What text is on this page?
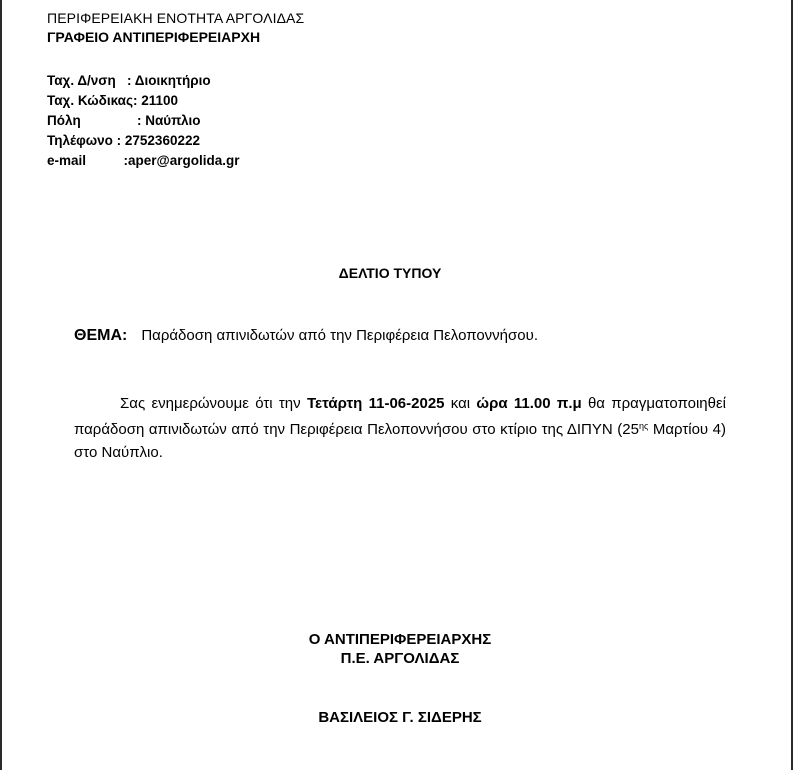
ΠΕΡΙΦΕΡΕΙΑΚΗ ΕΝΟΤΗΤΑ ΑΡΓΟΛΙΔΑΣ
ΓΡΑΦΕΙΟ ΑΝΤΙΠΕΡΙΦΕΡΕΙΑΡΧΗ
Ταχ. Δ/νση : Διοικητήριο
Ταχ. Κώδικας : 21100
Πόλη : Ναύπλιο
Τηλέφωνο : 2752360222
e-mail :aper@argolida.gr
ΔΕΛΤΙΟ ΤΥΠΟΥ
ΘΕΜΑ: Παράδοση απινιδωτών από την Περιφέρεια Πελοποννήσου.
Σας ενημερώνουμε ότι την Τετάρτη 11-06-2025 και ώρα 11.00 π.μ θα πραγματοποιηθεί παράδοση απινιδωτών από την Περιφέρεια Πελοποννήσου στο κτίριο της ΔΙΠΥΝ ($25^{\eta\varsigma}$ Μαρτίου 4) στο Ναύπλιο.
Ο ΑΝΤΙΠΕΡΙΦΕΡΕΙΑΡΧΗΣ
Π.Ε. ΑΡΓΟΛΙΔΑΣ
ΒΑΣΙΛΕΙΟΣ Γ. ΣΙΔΕΡΗΣ
